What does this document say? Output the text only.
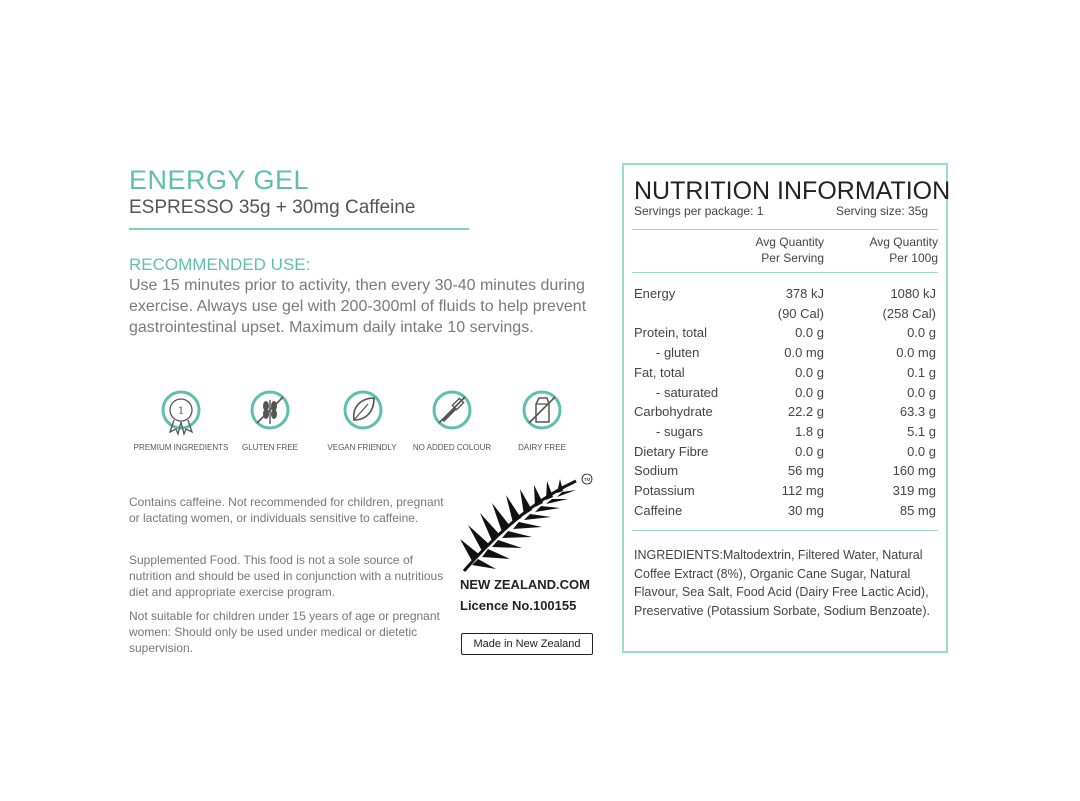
ENERGY GEL
ESPRESSO 35g + 30mg Caffeine
RECOMMENDED USE:
Use 15 minutes prior to activity, then every 30-40 minutes during exercise. Always use gel with 200-300ml of fluids to help prevent gastrointestinal upset. Maximum daily intake 10 servings.
1
PREMIUM INGREDIENTS GLUTEN FREE	VEGAN FRIENDLY NO ADDED COLOUR	DAIRY FREE
Contains caffeine. Not recommended for children, pregnant or lactating women, or individuals sensitive to caffeine.
Supplemented Food. This food is not a sole source of nutrition and should be used in conjunction with a nutritious diet and appropriate exercise program.
Not suitable for children under 15 years of age or pregnant women: Should only be used under medical or dietetic supervision.
TM
NEW ZEALAND.COM
Licence No.100155
Made in New Zealand
NUTRITION INFORMATION
Servings per package: 1	Serving size: 35g
Avg Quantity
Per Serving
Avg Quantity
Per 100g
Energy	378 kJ	1080 kJ
(90 Cal)	(258 Cal)
Protein, total	0.0 g	0.0 g
- gluten	0.0 mg	0.0 mg
Fat, total	0.0 g	0.1 g
- saturated	0.0 g	0.0 g
Carbohydrate	22.2 g	63.3 g
- sugars	1.8 g	5.1 g
Dietary Fibre	0.0 g	0.0 g
Sodium	56 mg	160 mg
Potassium	112 mg	319 mg
Caffeine	30 mg	85 mg
INGREDIENTS:Maltodextrin, Filtered Water, Natural Coffee Extract (8%), Organic Cane Sugar, Natural Flavour, Sea Salt, Food Acid (Dairy Free Lactic Acid), Preservative (Potassium Sorbate, Sodium Benzoate).
